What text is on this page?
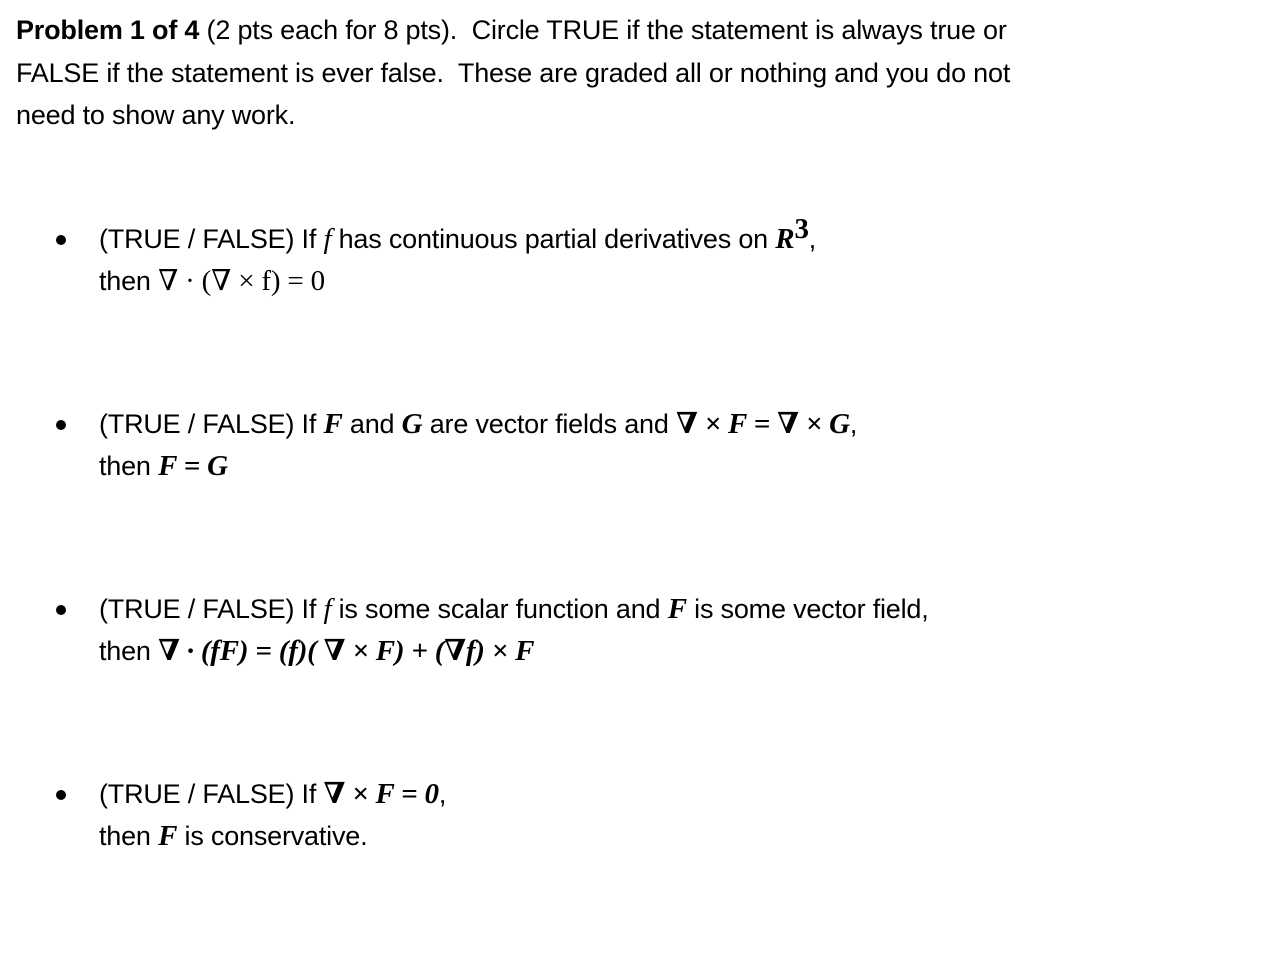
Problem 1 of 4 (2 pts each for 8 pts).  Circle TRUE if the statement is always true or
FALSE if the statement is ever false.  These are graded all or nothing and you do not
need to show any work.
(TRUE / FALSE) If f has continuous partial derivatives on $R^3$,
then ∇ · (∇ × f) = 0
(TRUE / FALSE) If F and G are vector fields and ∇ × F = ∇ × G,
then F = G
(TRUE / FALSE) If f is some scalar function and F is some vector field,
then ∇ · (fF) = (f)( ∇ × F) + (∇f) × F
(TRUE / FALSE) If ∇ × F = 0,
then F is conservative.
